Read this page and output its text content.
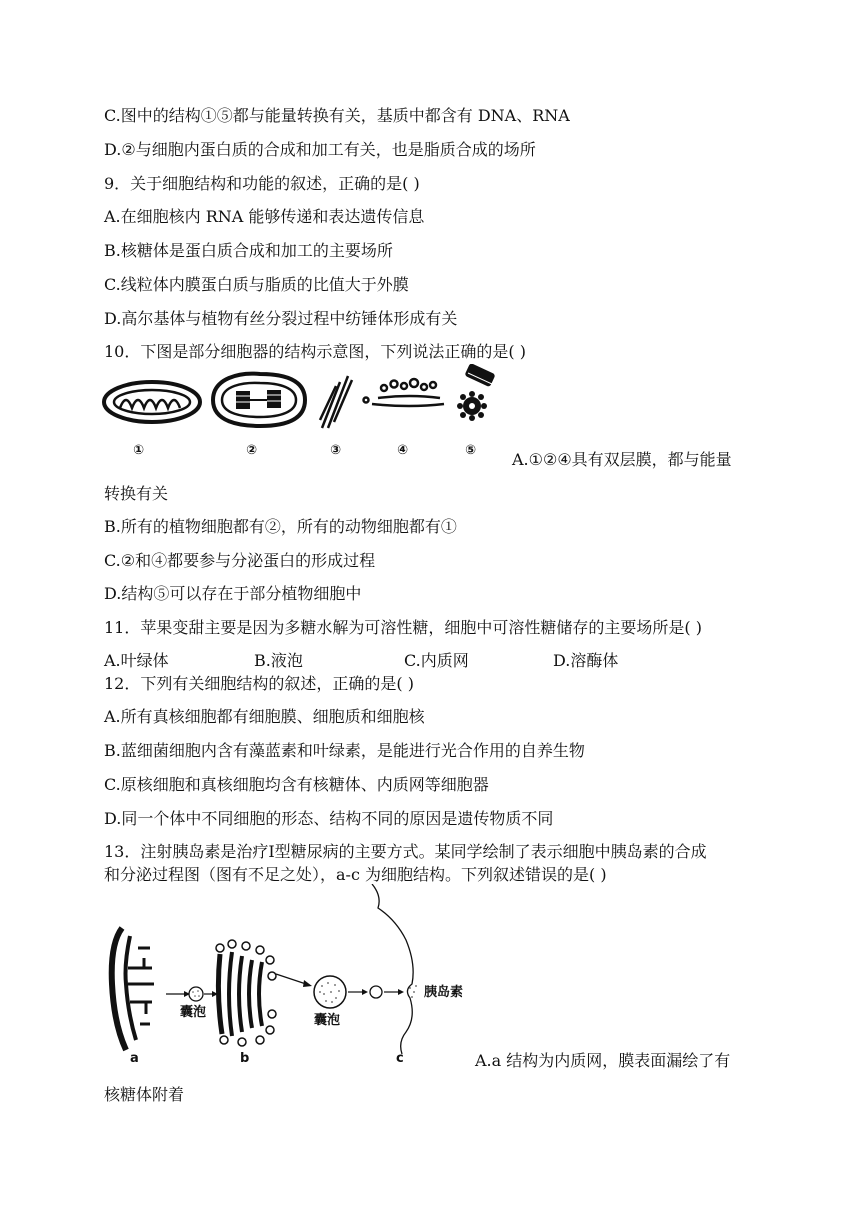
C.图中的结构①⑤都与能量转换有关，基质中都含有 DNA、RNA
D.②与细胞内蛋白质的合成和加工有关，也是脂质合成的场所
9．关于细胞结构和功能的叙述，正确的是( )
A.在细胞核内 RNA 能够传递和表达遗传信息
B.核糖体是蛋白质合成和加工的主要场所
C.线粒体内膜蛋白质与脂质的比值大于外膜
D.高尔基体与植物有丝分裂过程中纺锤体形成有关
10．下图是部分细胞器的结构示意图，下列说法正确的是( )
①	②	③	④	⑤ A.①②④具有双层膜，都与能量
转换有关
B.所有的植物细胞都有②，所有的动物细胞都有①
C.②和④都要参与分泌蛋白的形成过程
D.结构⑤可以存在于部分植物细胞中
11．苹果变甜主要是因为多糖水解为可溶性糖，细胞中可溶性糖储存的主要场所是( )
A.叶绿体	B.液泡	C.内质网	D.溶酶体
12．下列有关细胞结构的叙述，正确的是( )
A.所有真核细胞都有细胞膜、细胞质和细胞核
B.蓝细菌细胞内含有藻蓝素和叶绿素，是能进行光合作用的自养生物
C.原核细胞和真核细胞均含有核糖体、内质网等细胞器
D.同一个体中不同细胞的形态、结构不同的原因是遗传物质不同
13．注射胰岛素是治疗Ⅰ型糖尿病的主要方式。某同学绘制了表示细胞中胰岛素的合成
和分泌过程图（图有不足之处），a-c 为细胞结构。下列叙述错误的是( )
囊泡
囊泡
胰岛素
a	b	c	A.a 结构为内质网，膜表面漏绘了有
核糖体附着
